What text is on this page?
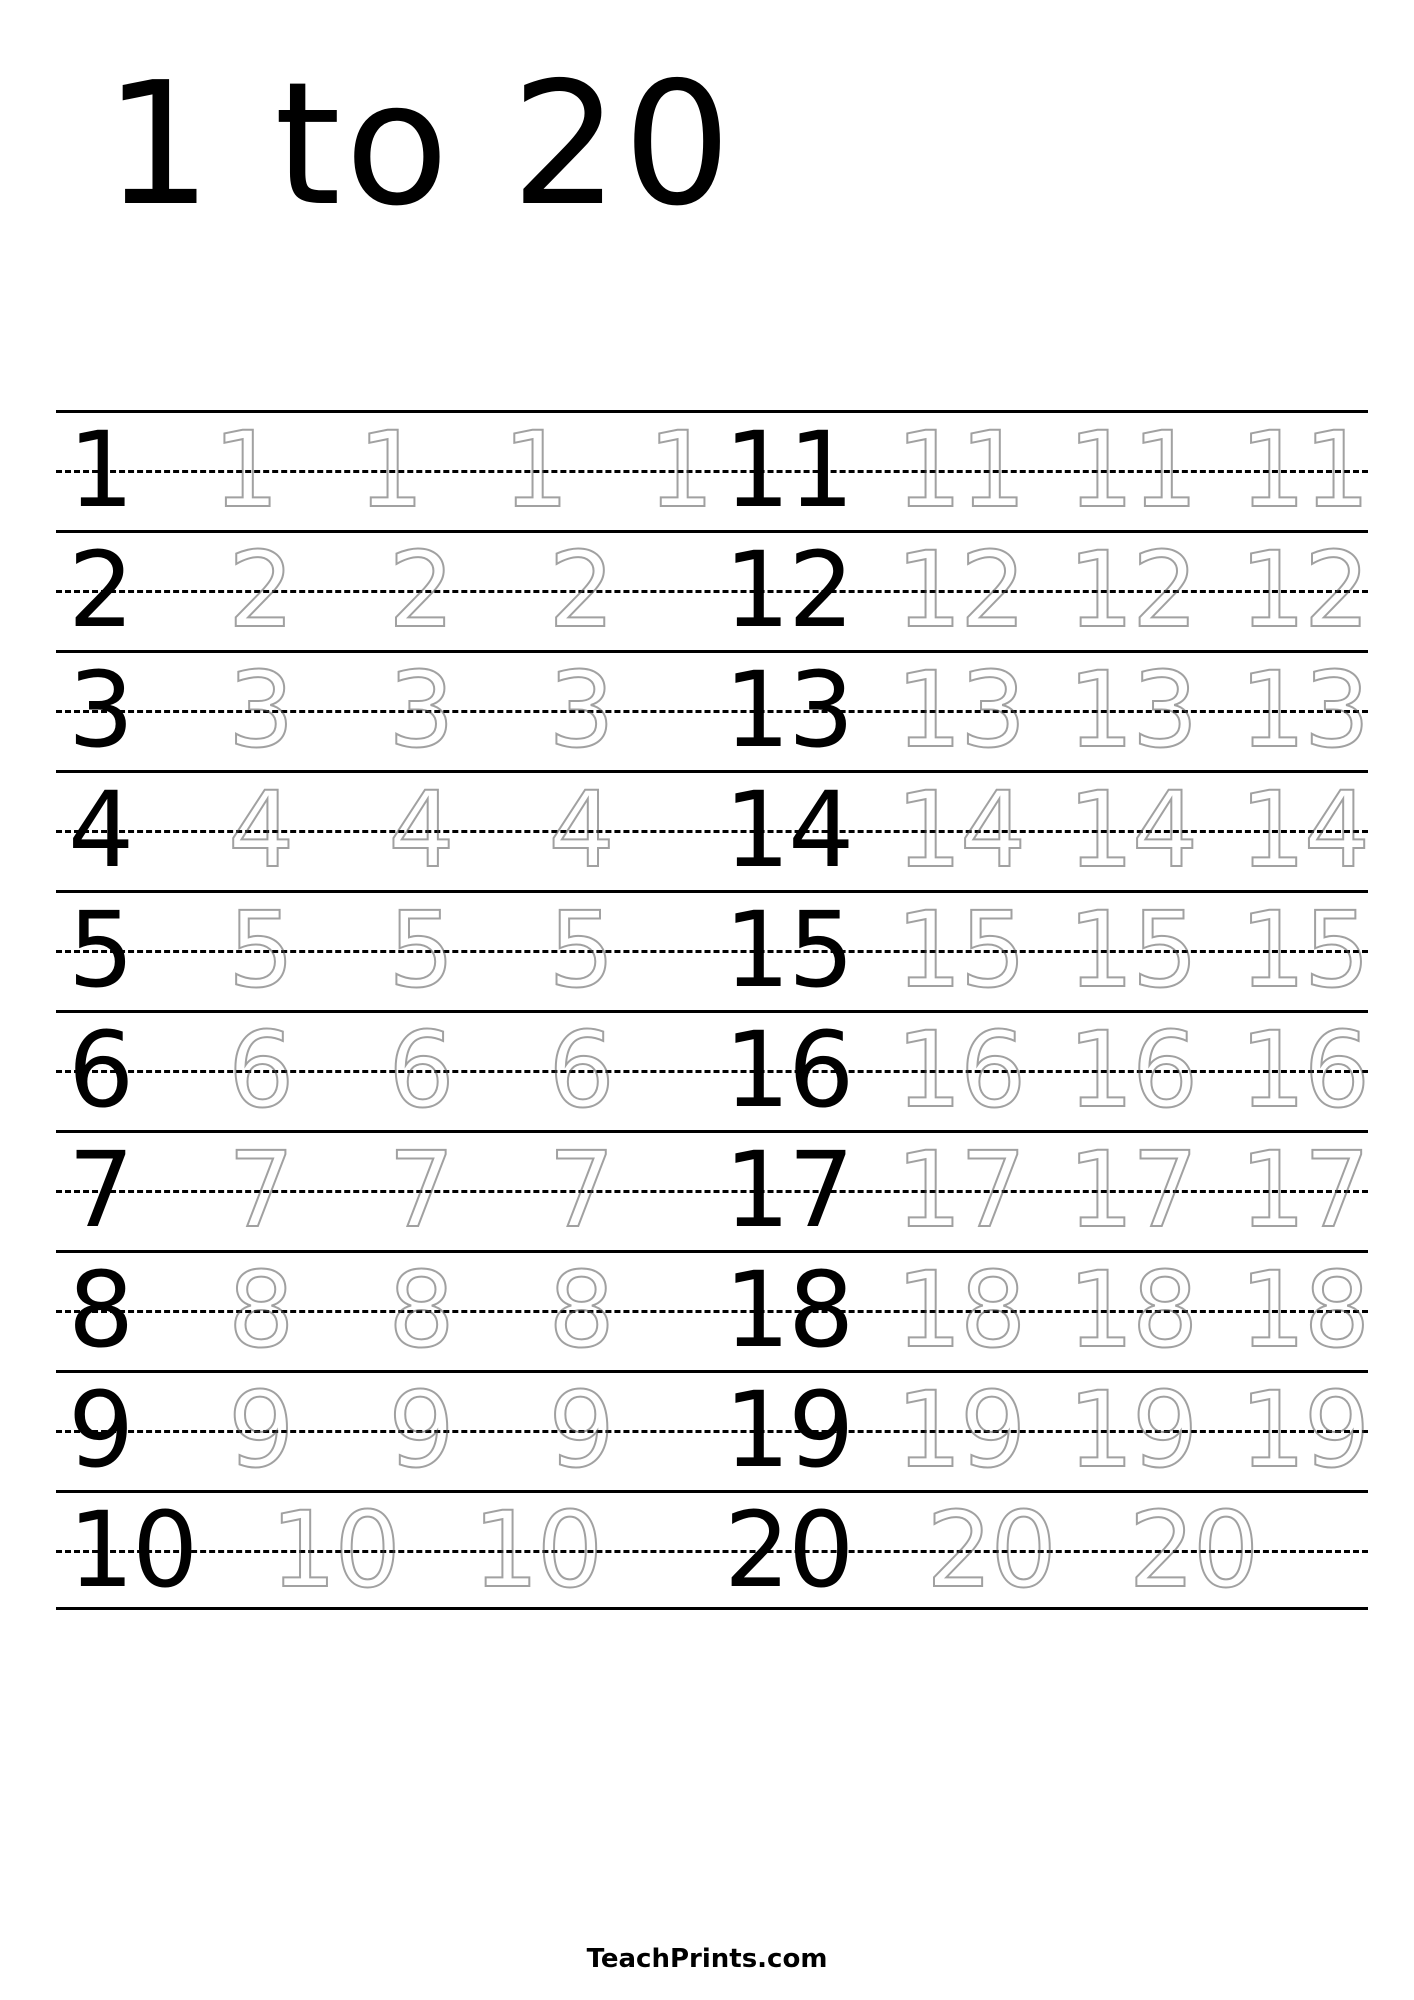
1 to 20
1 1 1 1 1 11 11 11 11
2 2 2 2 12 12 12 12
3 3 3 3 13 13 13 13
4 4 4 4 14 14 14 14
5 5 5 5 15 15 15 15
6 6 6 6 16 16 16 16
7 7 7 7 17 17 17 17
8 8 8 8 18 18 18 18
9 9 9 9 19 19 19 19
10 10 10 20 20 20
TeachPrints.com
